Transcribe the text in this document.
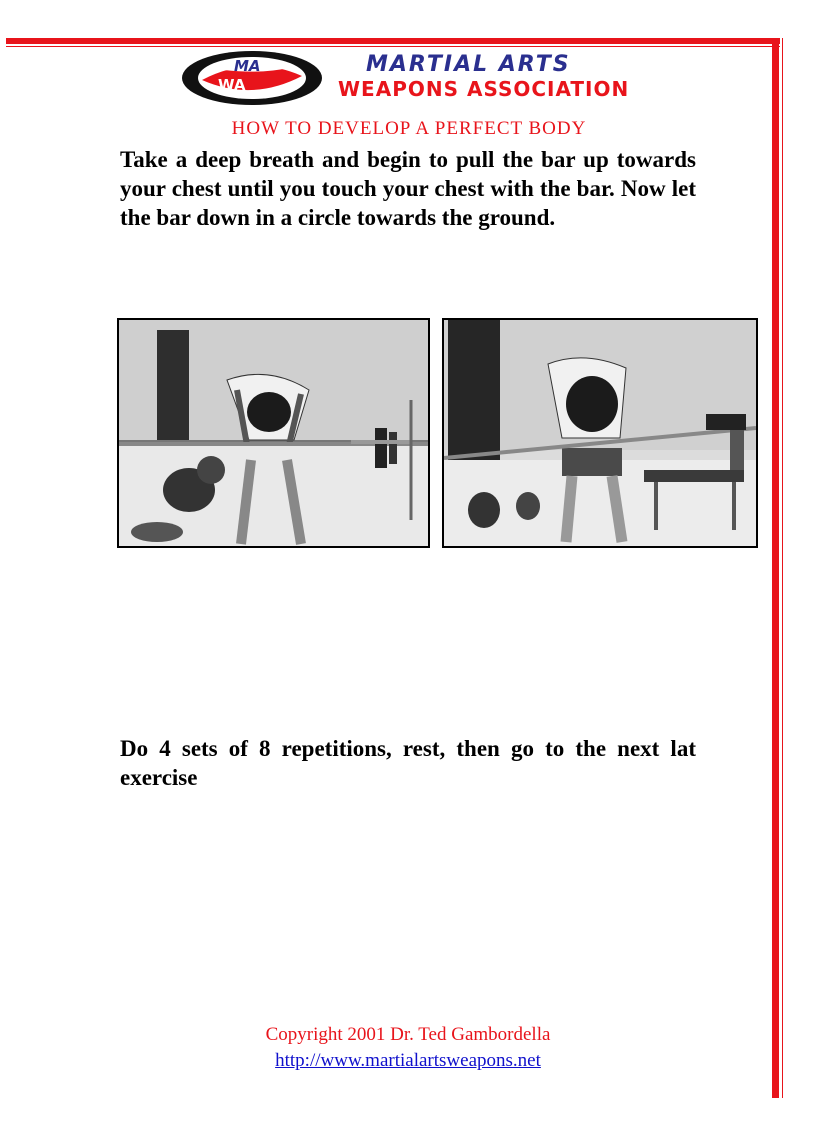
MA
WA
MARTIAL ARTS
WEAPONS ASSOCIATION
HOW TO DEVELOP A PERFECT BODY
Take a deep breath and begin to pull the bar up towards your chest until you touch your chest with the bar. Now let the bar down in a circle towards the ground.
Do 4 sets of 8 repetitions, rest, then go to the next lat exercise
Copyright 2001 Dr. Ted Gambordella
http://www.martialartsweapons.net
